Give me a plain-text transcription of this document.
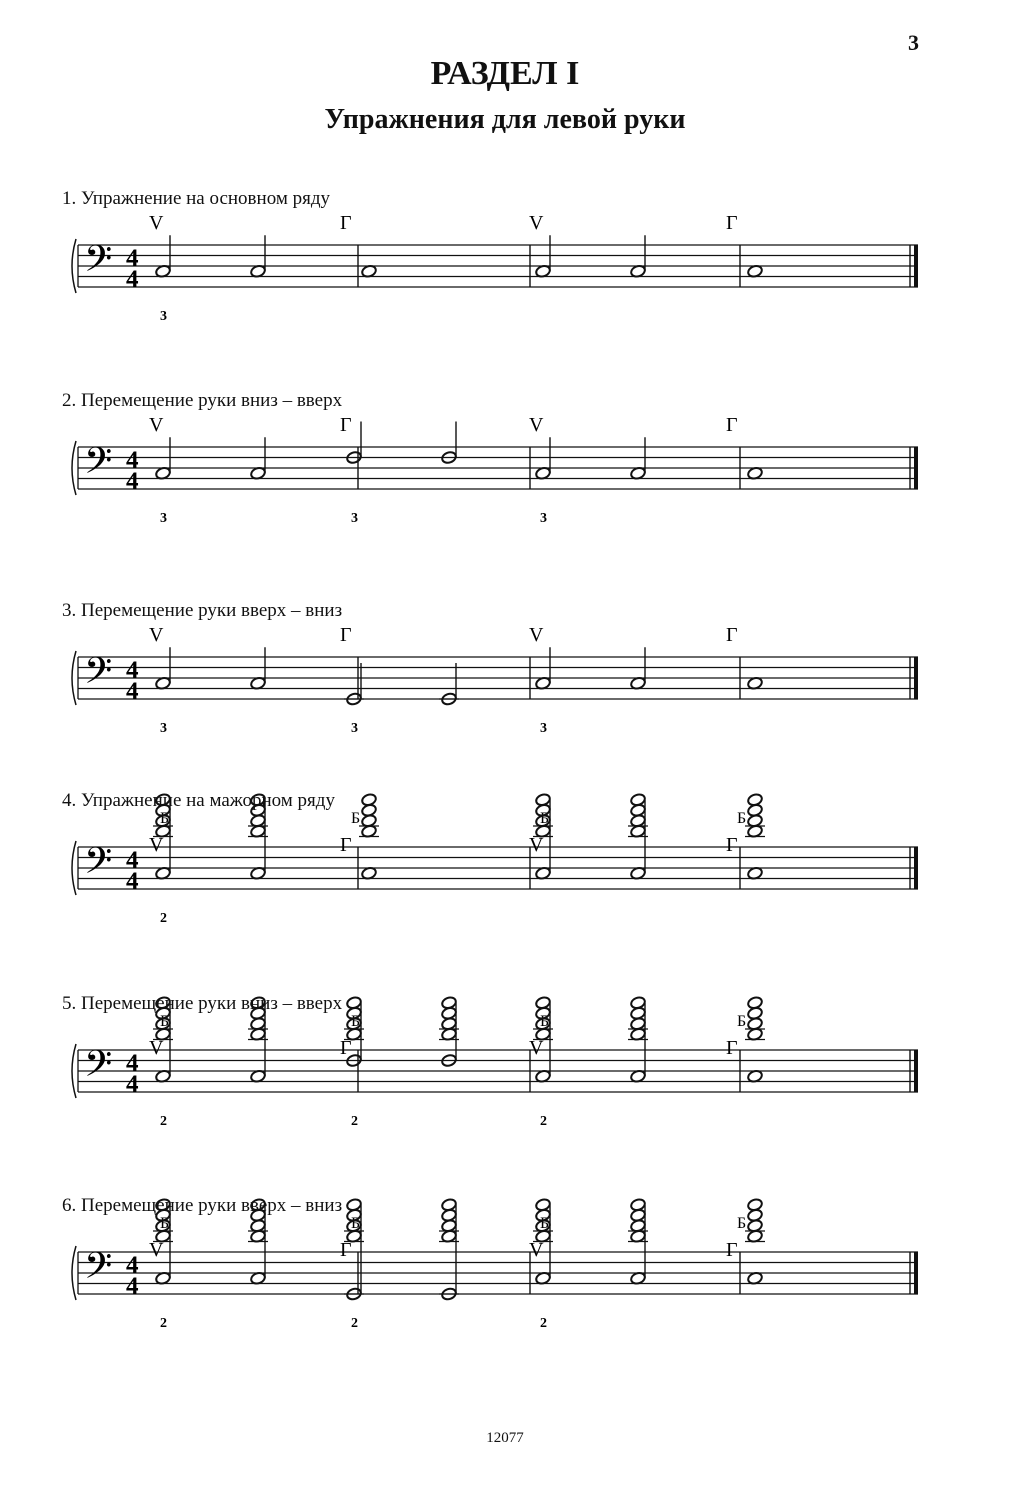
3
РАЗДЕЛ I
Упражнения для левой руки
1. Упражнение на основном ряду
𝄢 4
4
V
3
Г	V	Г
2. Перемещение руки вниз – вверх
𝄢 4
4
V
3
Г
3
V
3
Г
3. Перемещение руки вверх – вниз
𝄢 4
4
V
3
Г
3
V
3
Г
4. Упражнение на мажорном ряду
𝄢 4
4
V
Б
2
Г
Б
V
Б
Г
Б
5. Перемещение руки вниз – вверх
𝄢 4
4
V
Б
2
Г
Б
2
V
Б
2
Г
Б
6. Перемещение руки вверх – вниз
𝄢 4
4
V
Б
2
Г
Б
2
V
Б
2
Г
Б
12077
